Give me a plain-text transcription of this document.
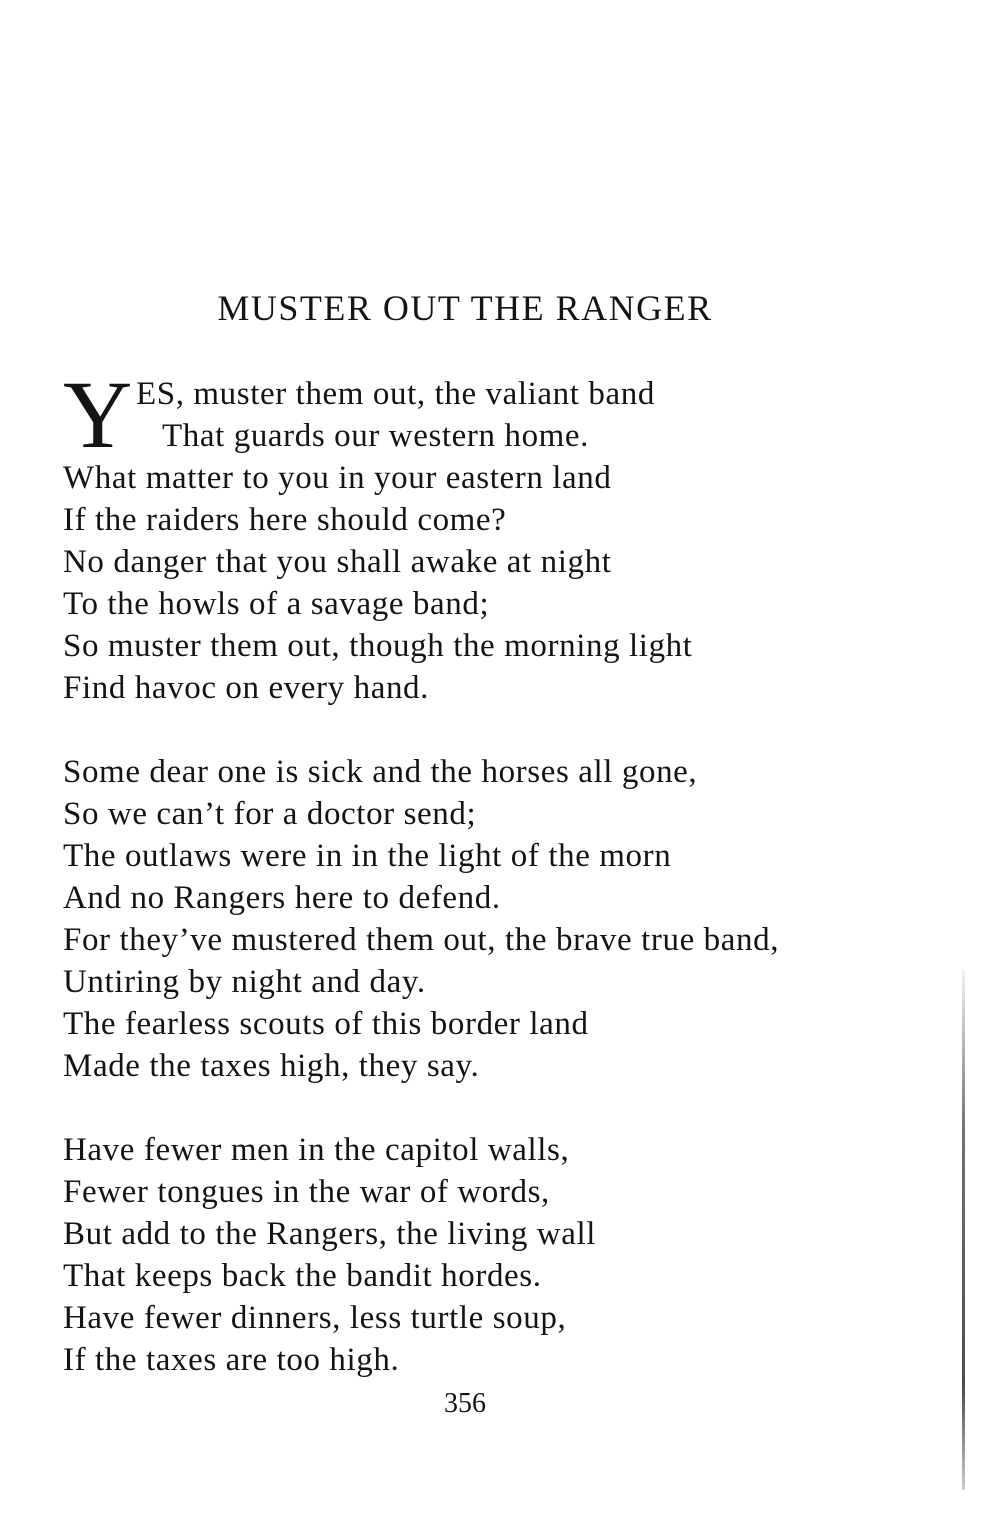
MUSTER OUT THE RANGER
Y ES, muster them out, the valiant band
That guards our western home.
What matter to you in your eastern land
If the raiders here should come?
No danger that you shall awake at night
To the howls of a savage band;
So muster them out, though the morning light
Find havoc on every hand.
Some dear one is sick and the horses all gone,
So we can’t for a doctor send;
The outlaws were in in the light of the morn
And no Rangers here to defend.
For they’ve mustered them out, the brave true band,
Untiring by night and day.
The fearless scouts of this border land
Made the taxes high, they say.
Have fewer men in the capitol walls,
Fewer tongues in the war of words,
But add to the Rangers, the living wall
That keeps back the bandit hordes.
Have fewer dinners, less turtle soup,
If the taxes are too high.
356
